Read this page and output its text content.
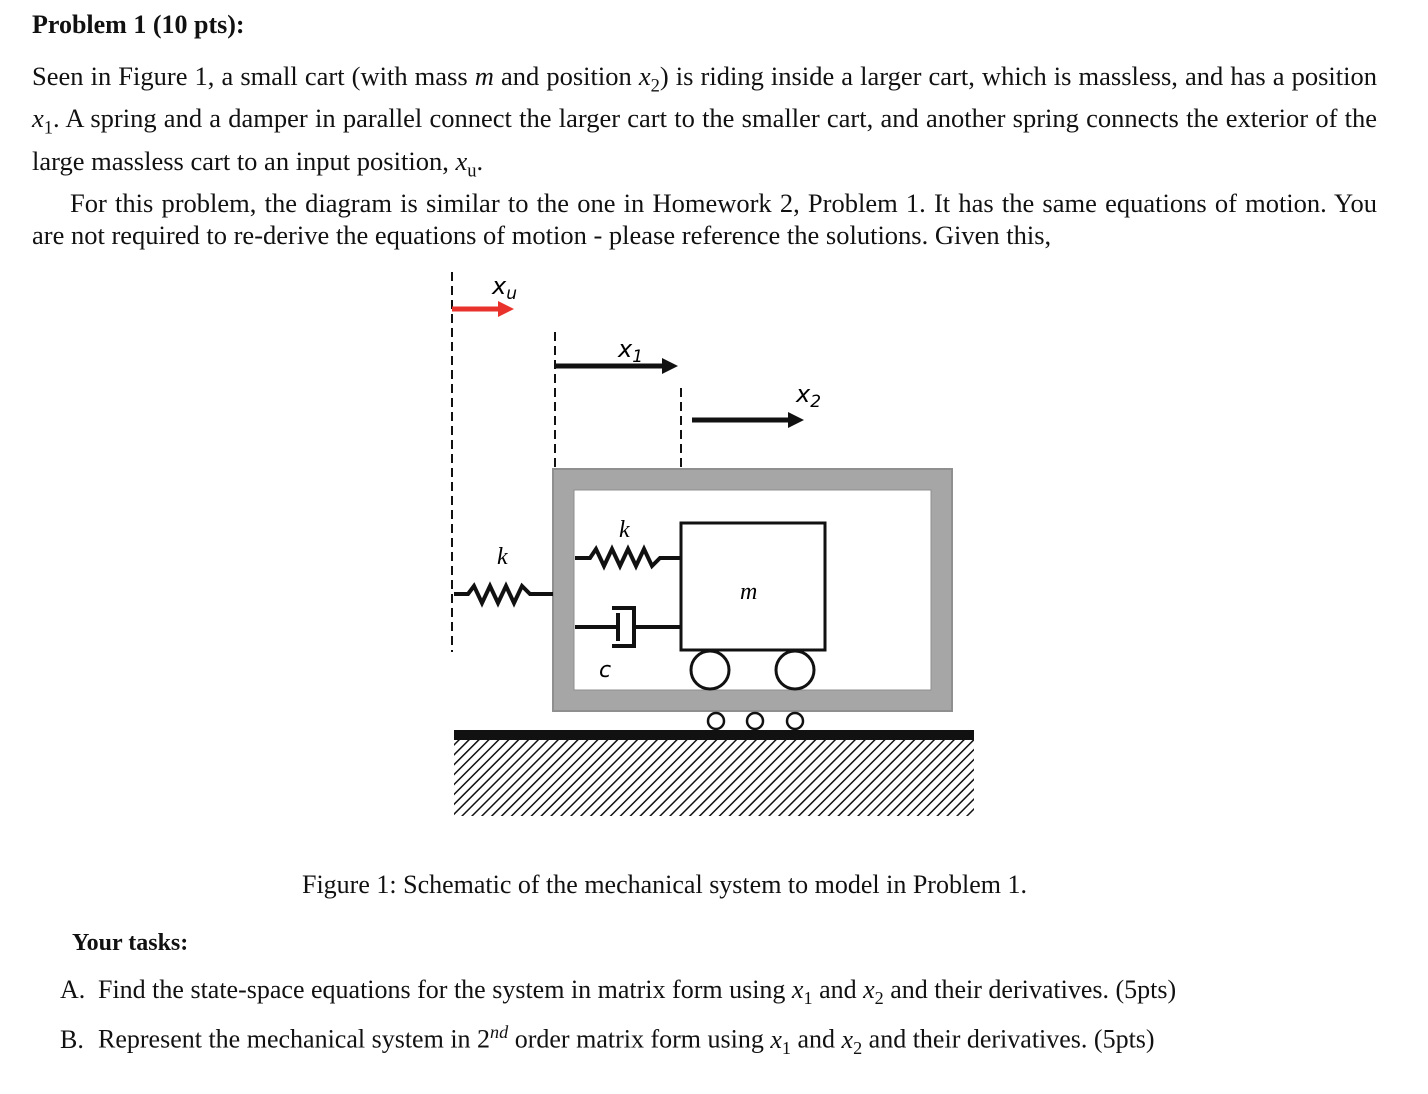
Problem 1 (10 pts):

Seen in Figure 1, a small cart (with mass m and position $x_2$) is riding inside a larger cart, which is massless, and has a position $x_1$. A spring and a damper in parallel connect the larger cart to the smaller cart, and another spring connects the exterior of the large massless cart to an input position, $x_u$.

For this problem, the diagram is similar to the one in Homework 2, Problem 1. It has the same equations of motion. You are not required to re-derive the equations of motion - please reference the solutions. Given this,

$x_u$
$x_1$
$x_2$
k
k
c
m
Figure 1: Schematic of the mechanical system to model in Problem 1.
Your tasks:
A. Find the state-space equations for the system in matrix form using $x_1$ and $x_2$ and their derivatives. (5pts)
B. Represent the mechanical system in 2nd order matrix form using $x_1$ and $x_2$ and their derivatives. (5pts)
